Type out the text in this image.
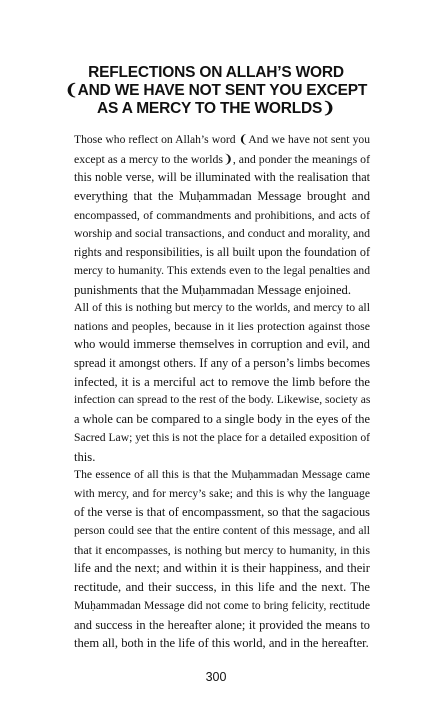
REFLECTIONS ON ALLAH’S WORD
❨AND WE HAVE NOT SENT YOU EXCEPT
AS A MERCY TO THE WORLDS❩
Those who reflect on Allah’s word ❨And we have not sent you
except as a mercy to the worlds❩, and ponder the meanings of
this noble verse, will be illuminated with the realisation that
everything that the Muḥammadan Message brought and
encompassed, of commandments and prohibitions, and acts of
worship and social transactions, and conduct and morality, and
rights and responsibilities, is all built upon the foundation of
mercy to humanity. This extends even to the legal penalties and
punishments that the Muḥammadan Message enjoined.
All of this is nothing but mercy to the worlds, and mercy to all
nations and peoples, because in it lies protection against those
who would immerse themselves in corruption and evil, and
spread it amongst others. If any of a person’s limbs becomes
infected, it is a merciful act to remove the limb before the
infection can spread to the rest of the body. Likewise, society as
a whole can be compared to a single body in the eyes of the
Sacred Law; yet this is not the place for a detailed exposition of
this.
The essence of all this is that the Muḥammadan Message came
with mercy, and for mercy’s sake; and this is why the language
of the verse is that of encompassment, so that the sagacious
person could see that the entire content of this message, and all
that it encompasses, is nothing but mercy to humanity, in this
life and the next; and within it is their happiness, and their
rectitude, and their success, in this life and the next. The
Muḥammadan Message did not come to bring felicity, rectitude
and success in the hereafter alone; it provided the means to
them all, both in the life of this world, and in the hereafter.
300
